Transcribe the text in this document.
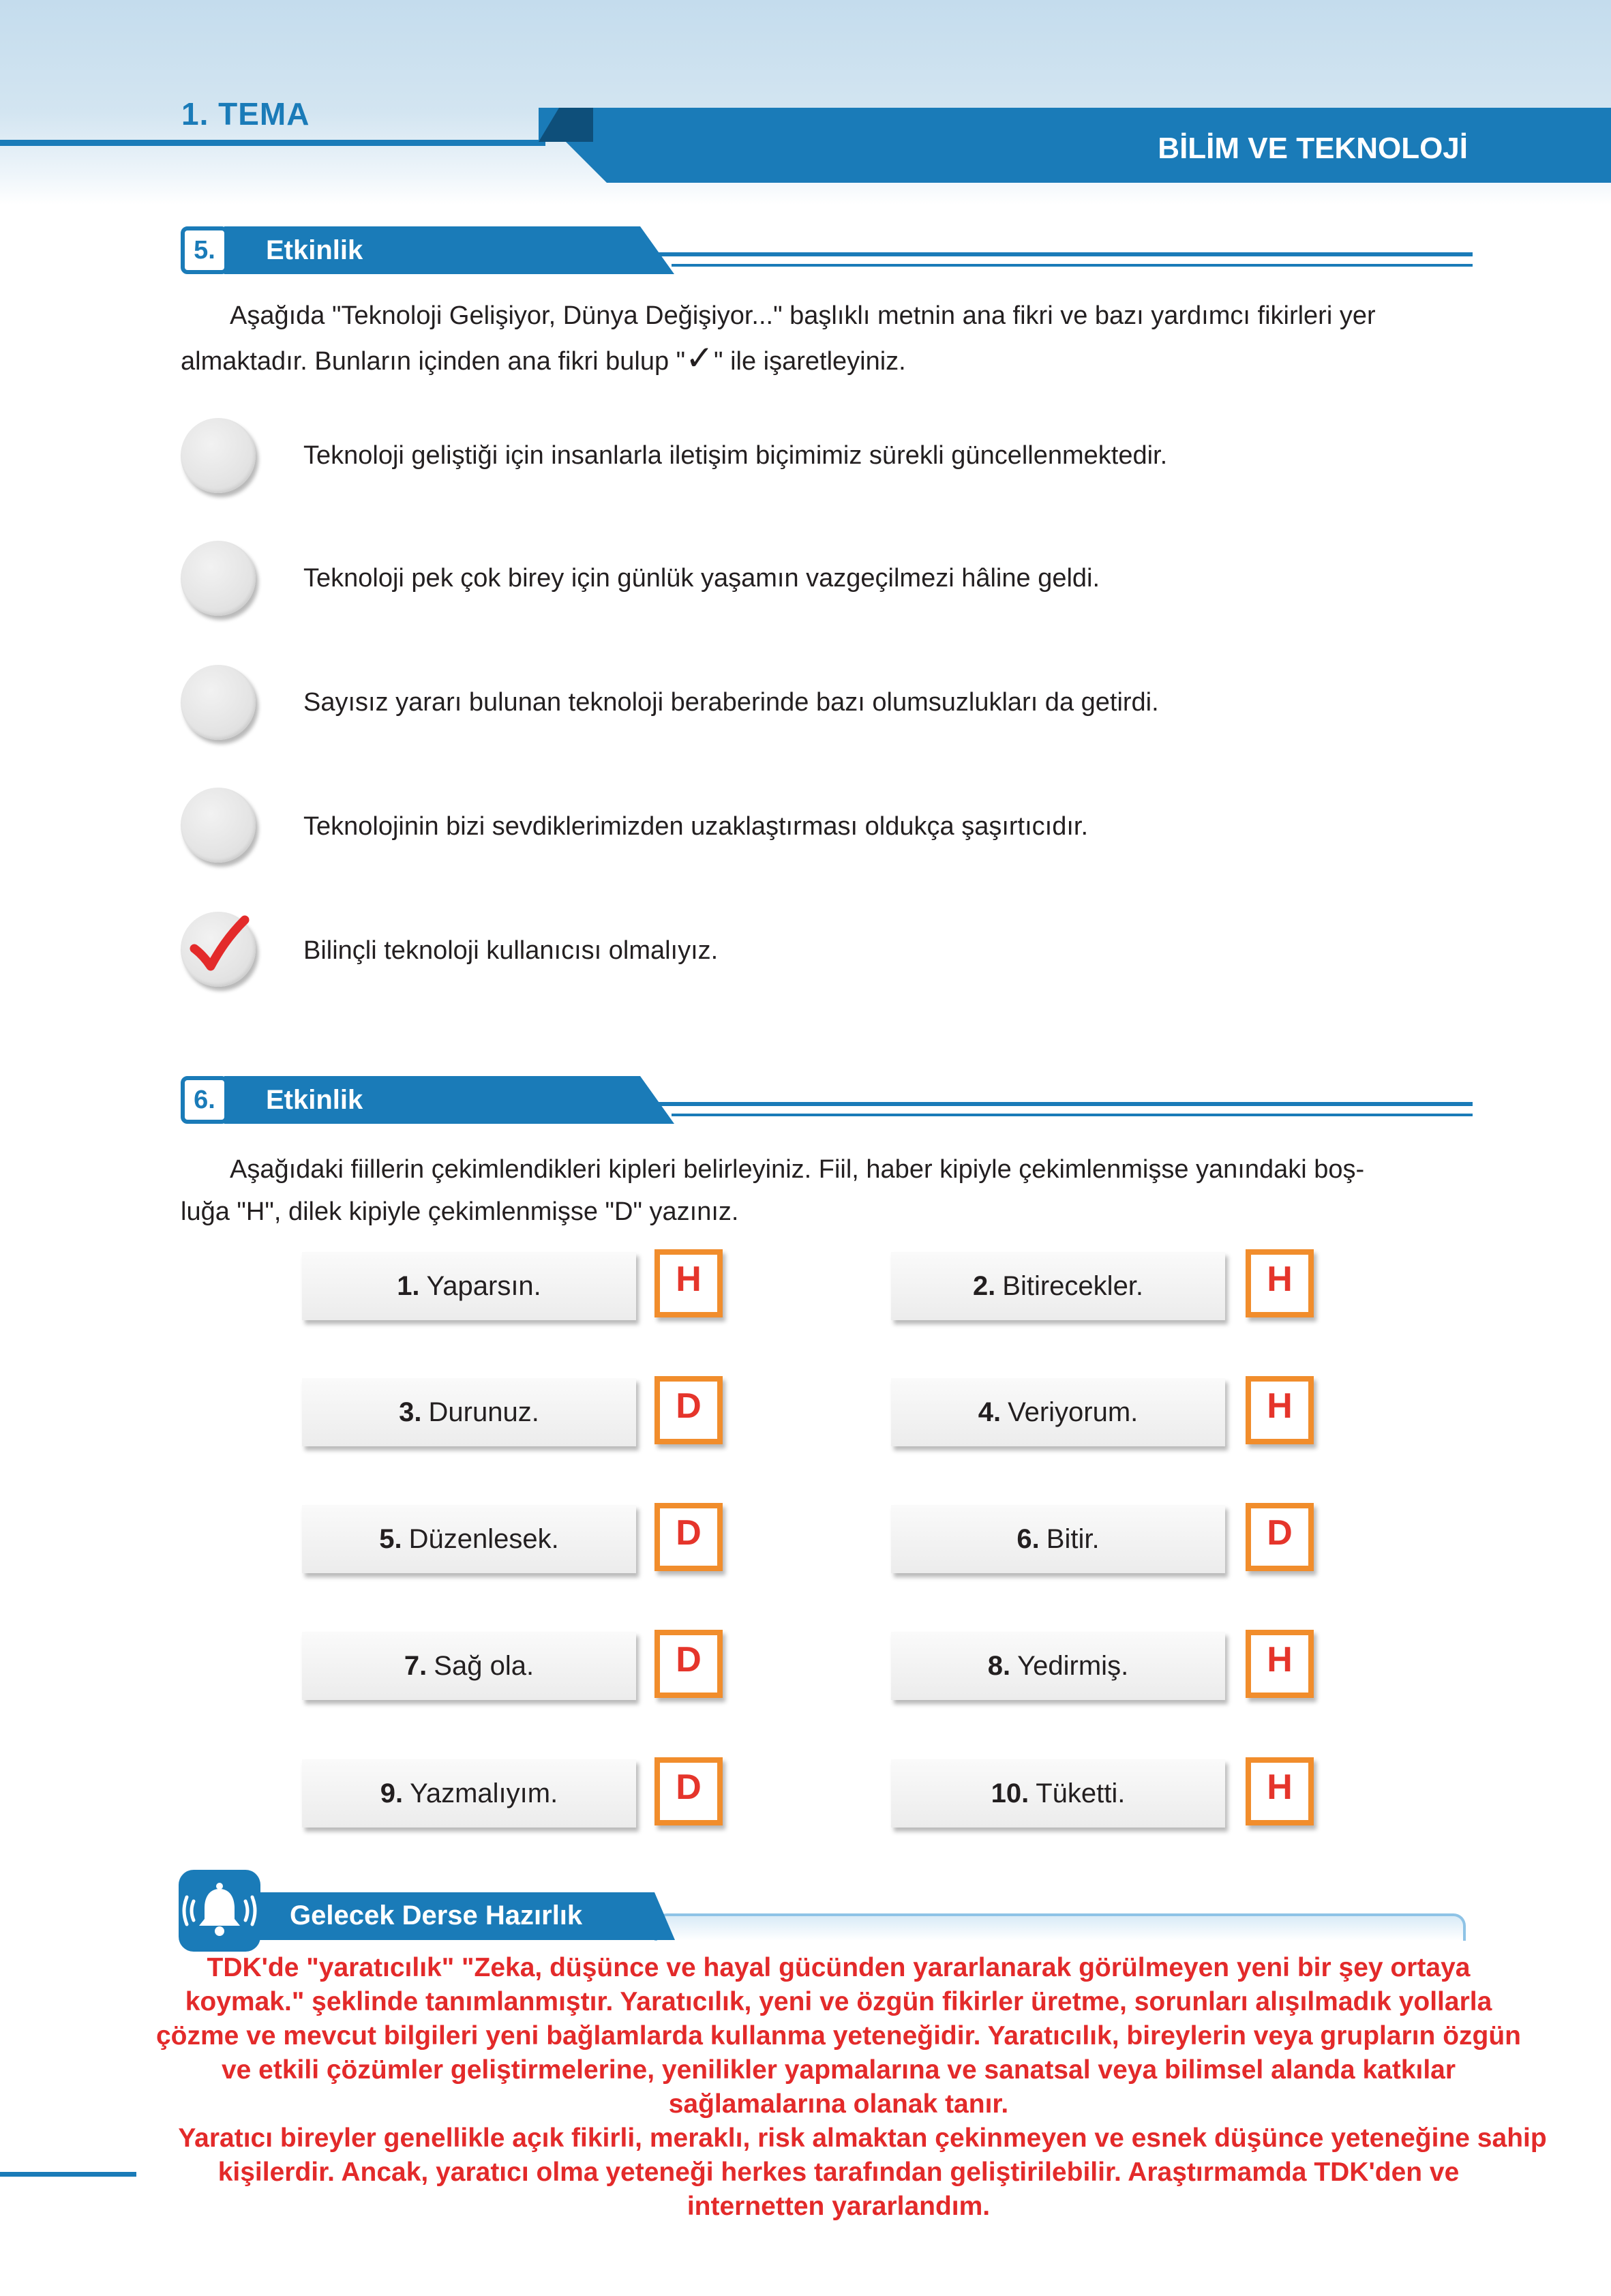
1. TEMA
BİLİM VE TEKNOLOJİ
5.	Etkinlik
Aşağıda "Teknoloji Gelişiyor, Dünya Değişiyor..." başlıklı metnin ana fikri ve bazı yardımcı fikirleri yer
almaktadır. Bunların içinden ana fikri bulup "✓" ile işaretleyiniz.
Teknoloji geliştiği için insanlarla iletişim biçimimiz sürekli güncellenmektedir.
Teknoloji pek çok birey için günlük yaşamın vazgeçilmezi hâline geldi.
Sayısız yararı bulunan teknoloji beraberinde bazı olumsuzlukları da getirdi.
Teknolojinin bizi sevdiklerimizden uzaklaştırması oldukça şaşırtıcıdır.
Bilinçli teknoloji kullanıcısı olmalıyız.
6.	Etkinlik
Aşağıdaki fiillerin çekimlendikleri kipleri belirleyiniz. Fiil, haber kipiyle çekimlenmişse yanındaki boş-
luğa "H", dilek kipiyle çekimlenmişse "D" yazınız.
1. Yaparsın.	H	2. Bitirecekler.	H
3. Durunuz.	D	4. Veriyorum.	H
5. Düzenlesek.	D	6. Bitir.	D
7. Sağ ola.	D	8. Yedirmiş.	H
9. Yazmalıyım.	D	10. Tüketti.	H
Gelecek Derse Hazırlık
TDK'de "yaratıcılık" "Zeka, düşünce ve hayal gücünden yararlanarak görülmeyen yeni bir şey ortaya
koymak." şeklinde tanımlanmıştır. Yaratıcılık, yeni ve özgün fikirler üretme, sorunları alışılmadık yollarla
çözme ve mevcut bilgileri yeni bağlamlarda kullanma yeteneğidir. Yaratıcılık, bireylerin veya grupların özgün
ve etkili çözümler geliştirmelerine, yenilikler yapmalarına ve sanatsal veya bilimsel alanda katkılar
sağlamalarına olanak tanır.
Yaratıcı bireyler genellikle açık fikirli, meraklı, risk almaktan çekinmeyen ve esnek düşünce yeteneğine sahip
kişilerdir. Ancak, yaratıcı olma yeteneği herkes tarafından geliştirilebilir. Araştırmamda TDK'den ve
internetten yararlandım.
